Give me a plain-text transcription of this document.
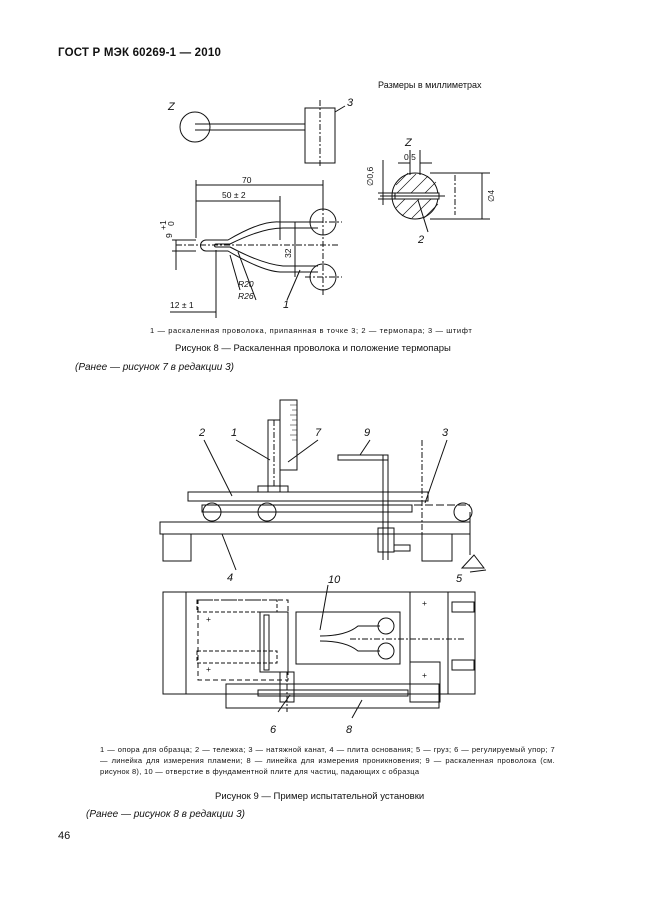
ГОСТ Р МЭК 60269-1 — 2010
Размеры в миллиметрах
Z	3
70
50 ± 2
32
9
+1
0
12 ± 1
R20
R26
1
Z
0,5
∅0,6
∅4
2
2 1	7	9	3
4	5
+
+
+
+
10
6	8
1 — раскаленная проволока, припаянная в точке 3; 2 — термопара; 3 — штифт
Рисунок 8 — Раскаленная проволока и положение термопары
(Ранее — рисунок 7 в редакции 3)
1 — опора для образца; 2 — тележка; 3 — натяжной канат, 4 — плита основания; 5 — груз; 6 — регулируемый упор; 7 — линейка для измерения пламени; 8 — линейка для измерения проникновения; 9 — раскаленная проволока (см. рисунок 8), 10 — отверстие в фундаментной плите для частиц, падающих с образца
Рисунок 9 — Пример испытательной установки
(Ранее — рисунок 8 в редакции 3)
46
